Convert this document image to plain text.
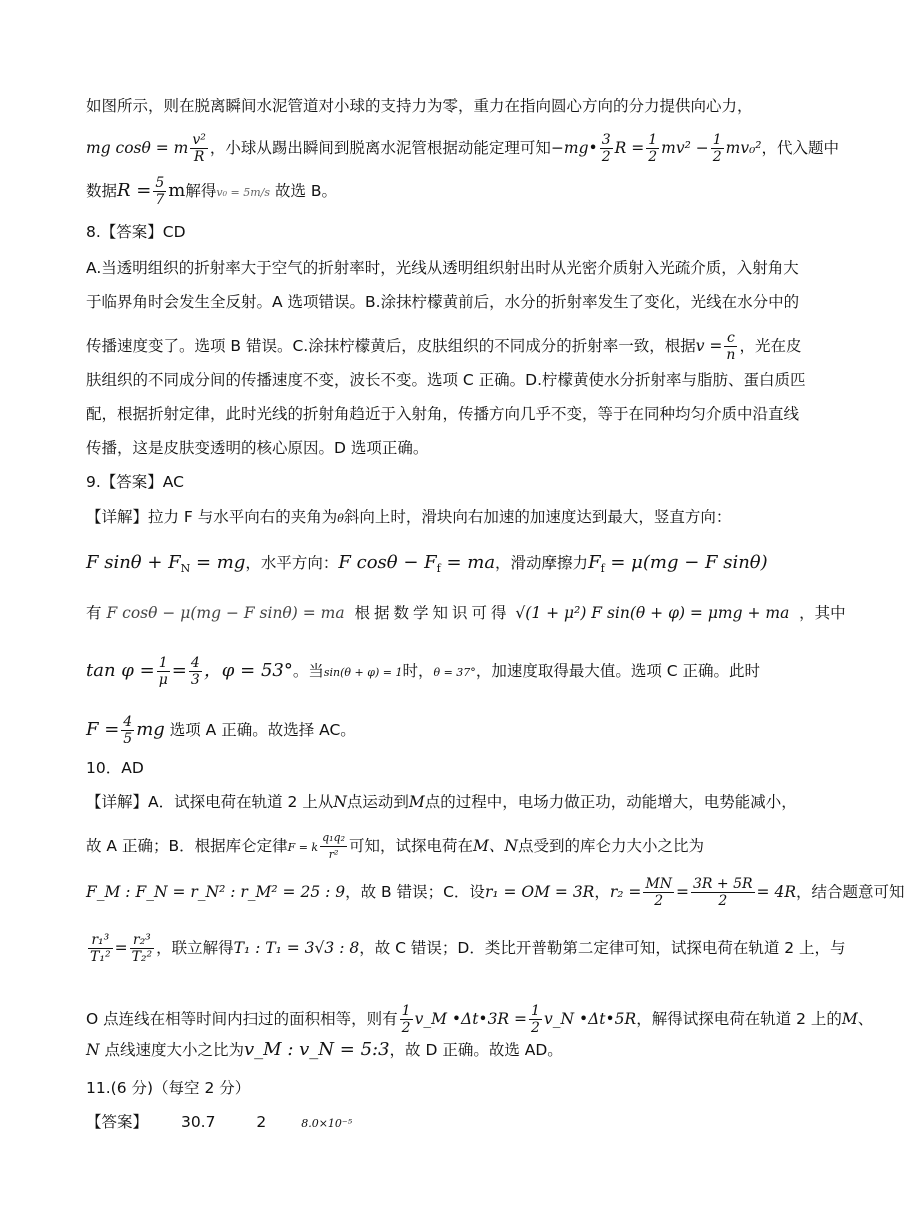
如图所示，则在脱离瞬间水泥管道对小球的支持力为零，重力在指向圆心方向的分力提供向心力，
mg cosθ = m $\frac{\text{v²}}{R}$ ，小球从踢出瞬间到脱离水泥管根据动能定理可知−mg• $\frac{3}{2}$ $R = \frac{1}{2} mv^2 - \frac{1}{2} mv_0^2$，代入题中
数据$R = \frac{5}{7}$ m解得v₀ = 5m/s 故选 B。
8.【答案】CD
A.当透明组织的折射率大于空气的折射率时，光线从透明组织射出时从光密介质射入光疏介质，入射角大
于临界角时会发生全反射。A 选项错误。B.涂抹柠檬黄前后，水分的折射率发生了变化，光线在水分中的
传播速度变了。选项 B 错误。C.涂抹柠檬黄后，皮肤组织的不同成分的折射率一致，根据$v = \frac{c}{n}$ ，光在皮
肤组织的不同成分间的传播速度不变，波长不变。选项 C 正确。D.柠檬黄使水分折射率与脂肪、蛋白质匹
配，根据折射定律，此时光线的折射角趋近于入射角，传播方向几乎不变，等于在同种均匀介质中沿直线
传播，这是皮肤变透明的核心原因。D 选项正确。
9.【答案】AC
【详解】拉力 F 与水平向右的夹角为θ斜向上时，滑块向右加速的加速度达到最大，竖直方向：
F $\sin\theta + F_N$ = mg，水平方向：F $\cos\theta - F_f$ = ma，滑动摩擦力$F_f = \mu(mg - F$ sinθ)
有 F cosθ − μ(mg − F sinθ) = ma 根据数学知识可得 √(1 + μ²) F sin(θ + φ) = μmg + ma ，其中
$\tan \varphi = \frac{1}{\mu} = \frac{4}{3}$ ，φ = 53°。当sin(θ + φ) = 1时，θ = 37°，加速度取得最大值。选项 C 正确。此时
$F = \frac{4}{5}$ mg 选项 A 正确。故选择 AC。
10．AD
【详解】A．试探电荷在轨道 2 上从N点运动到M点的过程中，电场力做正功，动能增大，电势能减小，
故 A 正确；B．根据库仑定律F = k $\frac{\text{q₁q₂}}{\text{r²}}$ 可知，试探电荷在M、N点受到的库仑力大小之比为
F_M : F_N = r_N² : r_M² = 25 : 9，故 B 错误；C．设r₁ = OM = 3R，$r_2 = \frac{MN}{2} = \frac{3R + 5R}{2} = 4R$，结合题意可知
$\frac{\text{r₁³}}{\text{T₁²}} = \frac{\text{r₂³}}{\text{T₂²}}$ ，联立解得T₁ : T₁ = 3√3 : 8，故 C 错误；D．类比开普勒第二定律可知，试探电荷在轨道 2 上，与
O 点连线在相等时间内扫过的面积相等，则有 $\frac{1}{2}$ v_M •Δt•3R = $\frac{1}{2}$ v_N •Δt•5R，解得试探电荷在轨道 2 上的M、
N 点线速度大小之比为v_M : v_N = 5:3，故 D 正确。故选 AD。
11.(6 分)（每空 2 分）
【答案】 30.7	2	8.0×10⁻⁵
